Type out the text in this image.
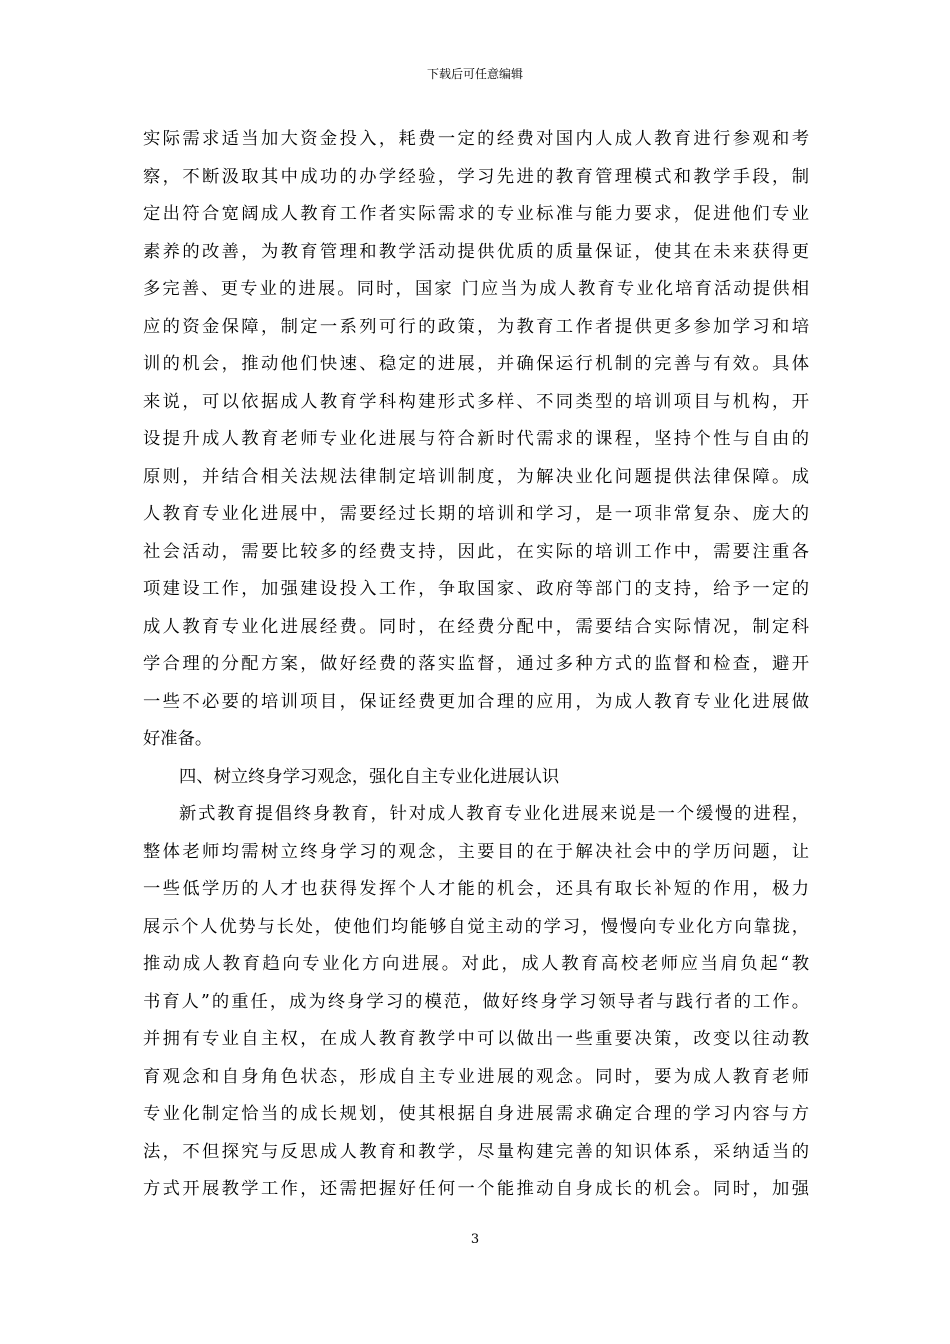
下载后可任意编辑
实际需求适当加大资金投入，耗费一定的经费对国内人成人教育进行参观和考
察，不断汲取其中成功的办学经验，学习先进的教育管理模式和教学手段，制
定出符合宽阔成人教育工作者实际需求的专业标准与能力要求，促进他们专业
素养的改善，为教育管理和教学活动提供优质的质量保证，使其在未来获得更
多完善、更专业的进展。同时，国家 门应当为成人教育专业化培育活动提供相
应的资金保障，制定一系列可行的政策，为教育工作者提供更多参加学习和培
训的机会，推动他们快速、稳定的进展，并确保运行机制的完善与有效。具体
来说，可以依据成人教育学科构建形式多样、不同类型的培训项目与机构，开
设提升成人教育老师专业化进展与符合新时代需求的课程，坚持个性与自由的
原则，并结合相关法规法律制定培训制度，为解决业化问题提供法律保障。成
人教育专业化进展中，需要经过长期的培训和学习，是一项非常复杂、庞大的
社会活动，需要比较多的经费支持，因此，在实际的培训工作中，需要注重各
项建设工作，加强建设投入工作，争取国家、政府等部门的支持，给予一定的
成人教育专业化进展经费。同时，在经费分配中，需要结合实际情况，制定科
学合理的分配方案，做好经费的落实监督，通过多种方式的监督和检查，避开
一些不必要的培训项目，保证经费更加合理的应用，为成人教育专业化进展做
好准备。
四、树立终身学习观念，强化自主专业化进展认识
新式教育提倡终身教育，针对成人教育专业化进展来说是一个缓慢的进程，
整体老师均需树立终身学习的观念，主要目的在于解决社会中的学历问题，让
一些低学历的人才也获得发挥个人才能的机会，还具有取长补短的作用，极力
展示个人优势与长处，使他们均能够自觉主动的学习，慢慢向专业化方向靠拢，
推动成人教育趋向专业化方向进展。对此，成人教育高校老师应当肩负起“教
书育人”的重任，成为终身学习的模范，做好终身学习领导者与践行者的工作。
并拥有专业自主权，在成人教育教学中可以做出一些重要决策，改变以往动教
育观念和自身角色状态，形成自主专业进展的观念。同时，要为成人教育老师
专业化制定恰当的成长规划，使其根据自身进展需求确定合理的学习内容与方
法，不但探究与反思成人教育和教学，尽量构建完善的知识体系，采纳适当的
方式开展教学工作，还需把握好任何一个能推动自身成长的机会。同时，加强
3
